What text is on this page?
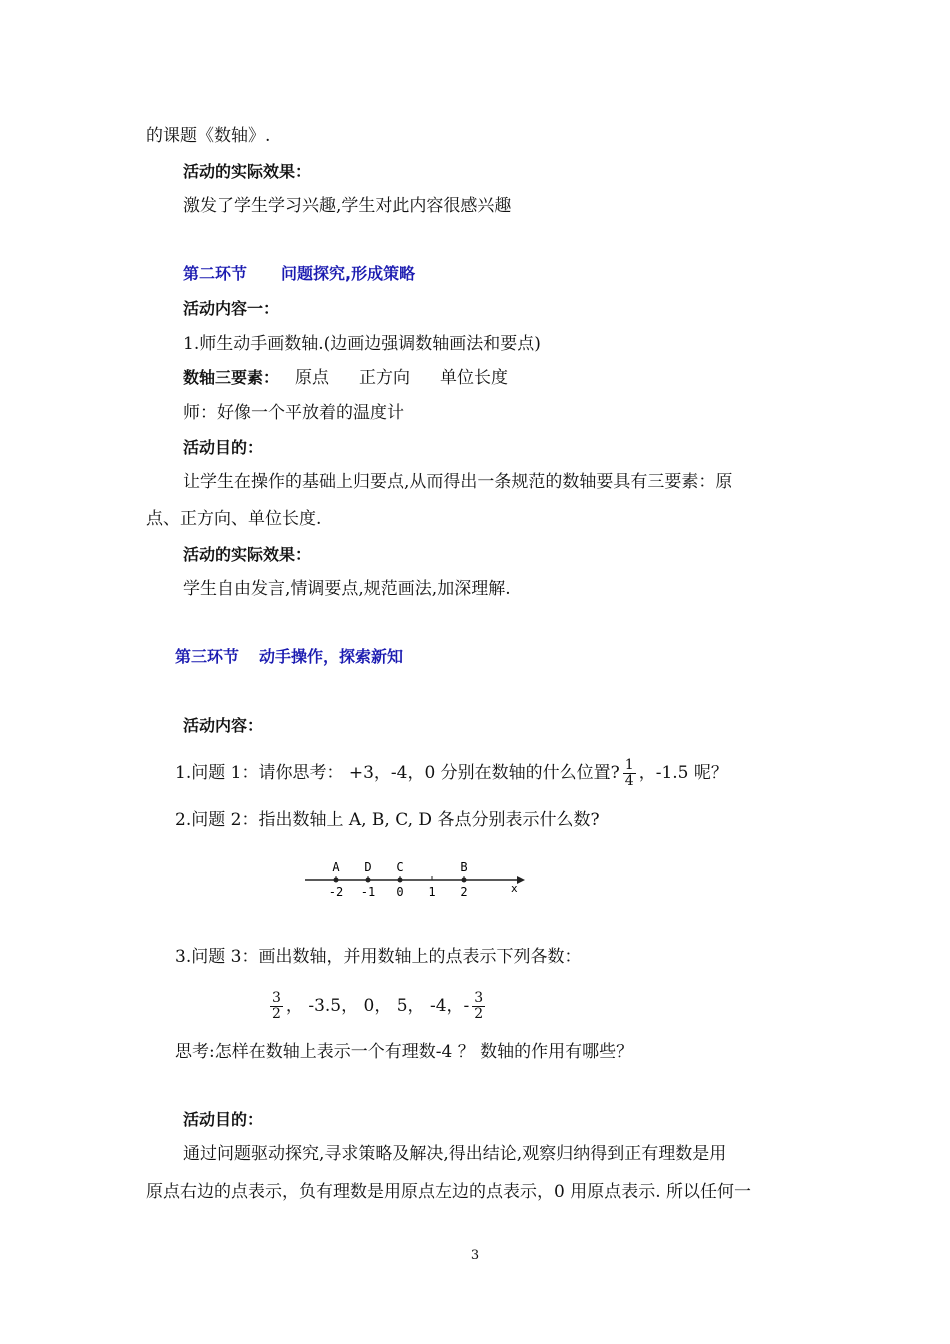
的课题《数轴》.
活动的实际效果：
激发了学生学习兴趣,学生对此内容很感兴趣
第二环节 问题探究,形成策略
活动内容一：
1.师生动手画数轴.(边画边强调数轴画法和要点)
数轴三要素： 原点 正方向 单位长度
师：好像一个平放着的温度计
活动目的：
让学生在操作的基础上归要点,从而得出一条规范的数轴要具有三要素：原
点、正方向、单位长度.
活动的实际效果：
学生自由发言,情调要点,规范画法,加深理解.
第三环节 动手操作，探索新知
活动内容：
1.问题 1：请你思考： +3，-4，0 分别在数轴的什么位置? $\frac{1}{4}$ ，-1.5 呢？
2.问题 2：指出数轴上 A, B, C, D 各点分别表示什么数?
-2 -1 0 1 2
A D C	B
x
3.问题 3：画出数轴，并用数轴上的点表示下列各数：
$\frac{3}{2}$ ， -3.5， 0， 5， -4，- $\frac{3}{2}$
思考:怎样在数轴上表示一个有理数-4 ？ 数轴的作用有哪些？
活动目的：
通过问题驱动探究,寻求策略及解决,得出结论,观察归纳得到正有理数是用
原点右边的点表示，负有理数是用原点左边的点表示，0 用原点表示. 所以任何一
3
